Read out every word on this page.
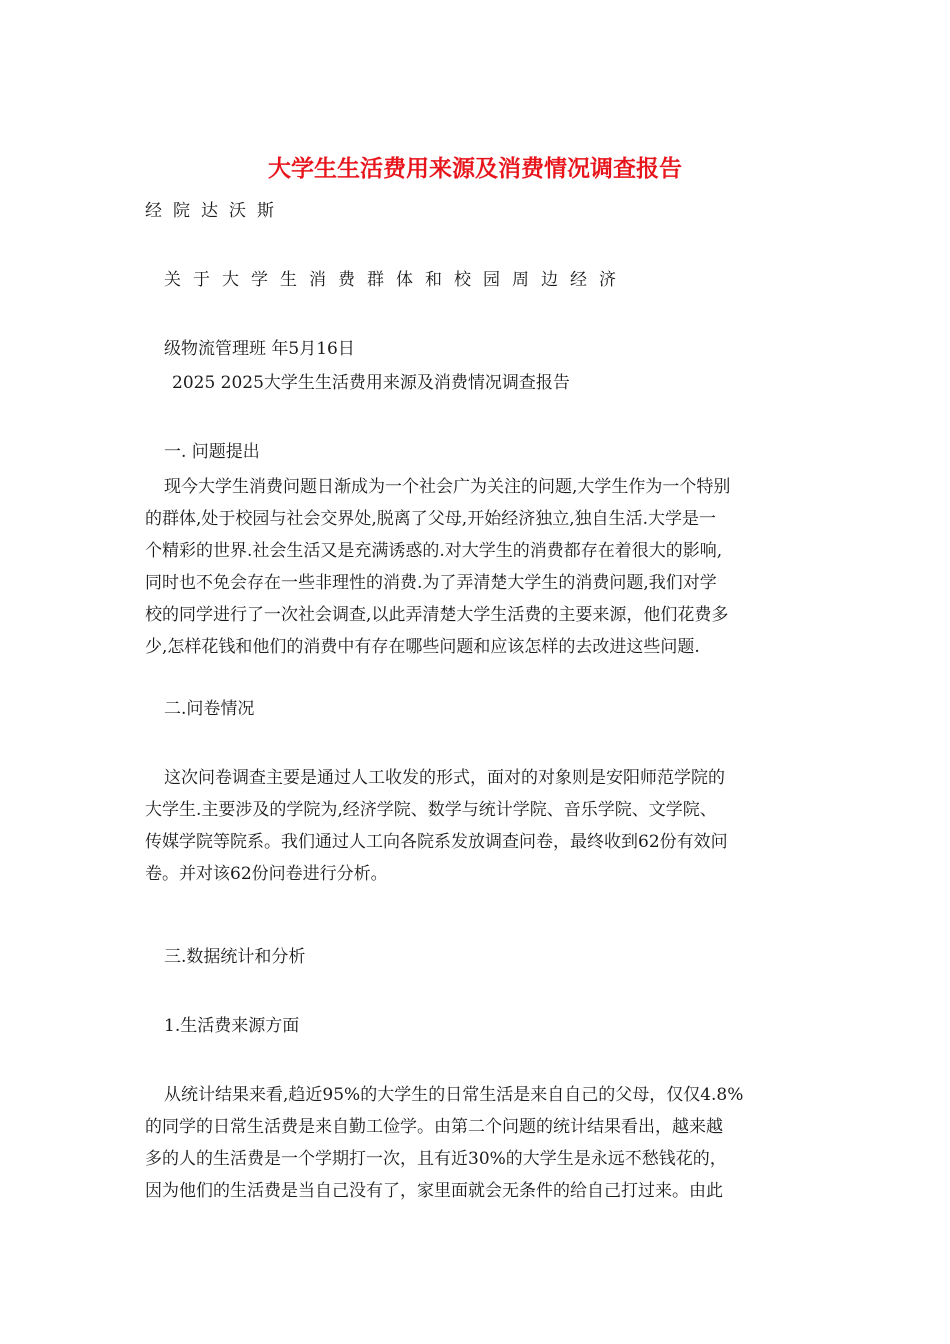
大学生生活费用来源及消费情况调查报告
经院达沃斯
关于大学生消费群体和校园周边经济
级物流管理班 年5月16日
2025 2025大学生生活费用来源及消费情况调查报告
一. 问题提出
现今大学生消费问题日渐成为一个社会广为关注的问题,大学生作为一个特别
的群体,处于校园与社会交界处,脱离了父母,开始经济独立,独自生活.大学是一
个精彩的世界.社会生活又是充满诱惑的.对大学生的消费都存在着很大的影响,
同时也不免会存在一些非理性的消费.为了弄清楚大学生的消费问题,我们对学
校的同学进行了一次社会调查,以此弄清楚大学生活费的主要来源，他们花费多
少,怎样花钱和他们的消费中有存在哪些问题和应该怎样的去改进这些问题.
二.问卷情况
这次问卷调查主要是通过人工收发的形式，面对的对象则是安阳师范学院的
大学生.主要涉及的学院为,经济学院、数学与统计学院、音乐学院、文学院、
传媒学院等院系。我们通过人工向各院系发放调查问卷，最终收到62份有效问
卷。并对该62份问卷进行分析。
三.数据统计和分析
1.生活费来源方面
从统计结果来看,趋近95%的大学生的日常生活是来自自己的父母，仅仅4.8%
的同学的日常生活费是来自勤工俭学。由第二个问题的统计结果看出，越来越
多的人的生活费是一个学期打一次，且有近30%的大学生是永远不愁钱花的，
因为他们的生活费是当自己没有了，家里面就会无条件的给自己打过来。由此
